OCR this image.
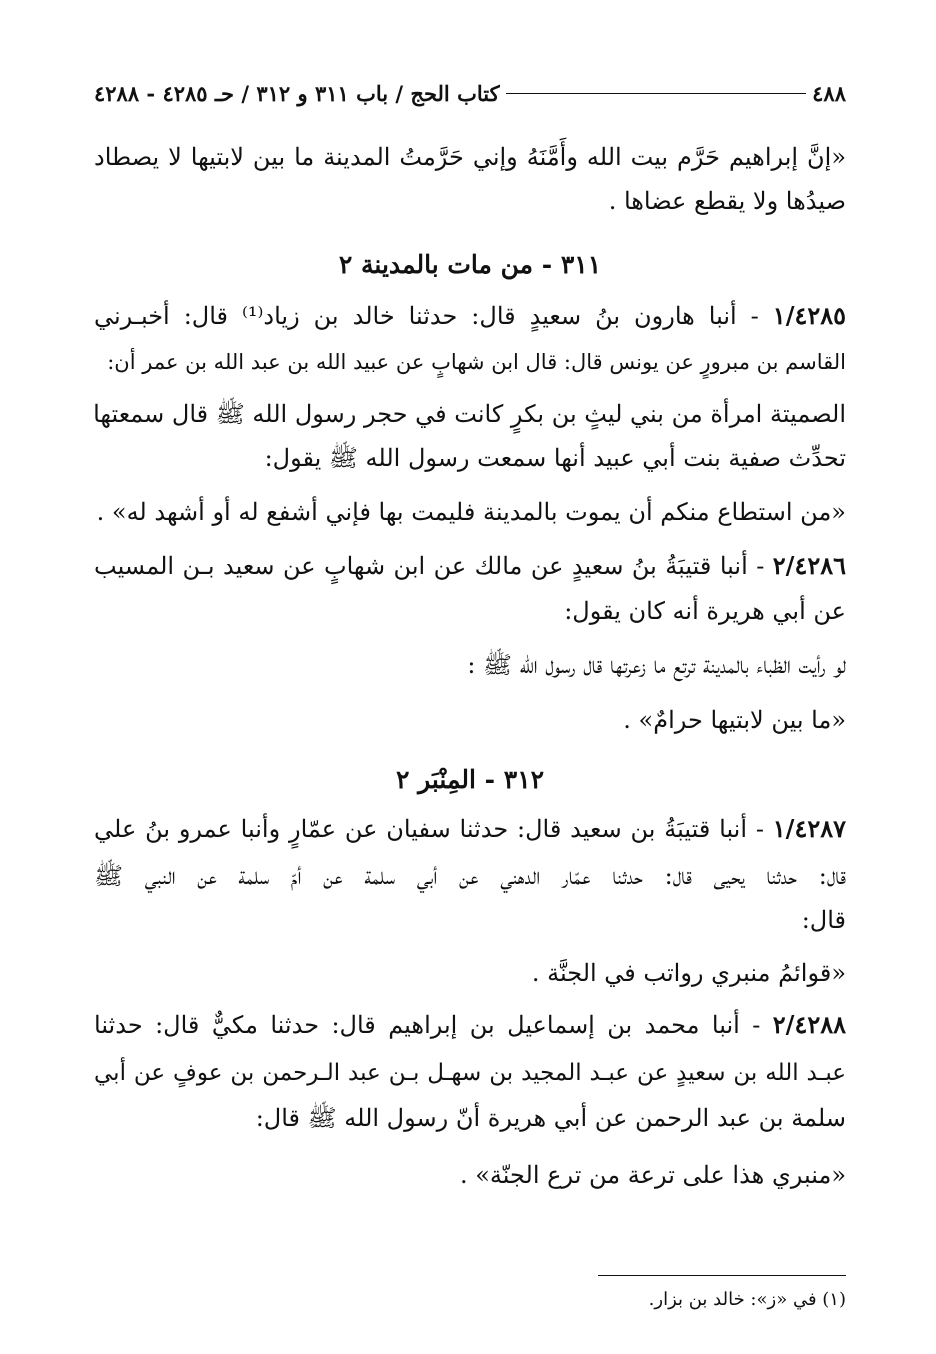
٤٨٨
كتاب الحج / باب ٣١١ و ٣١٢ / حـ ٤٢٨٥ - ٤٢٨٨
«إنَّ إبراهيم حَرَّم بيت الله وأَمَّنَهُ وإني حَرَّمتُ المدينة ما بين لابتيها لا يصطاد
صيدُها ولا يقطع عضاها .
٣١١ - من مات بالمدينة ٢
١/٤٢٨٥ - أنبا هارون بنُ سعيدٍ قال: حدثنا خالد بن زياد⁽¹⁾ قال: أخبـرني
القاسم بن مبرورٍ عن يونس قال: قال ابن شهابٍ عن عبيد الله بن عبد الله بن عمر أن:
الصميتة امرأة من بني ليثٍ بن بكرٍ كانت في حجر رسول الله ﷺ قال سمعتها
تحدِّث صفية بنت أبي عبيد أنها سمعت رسول الله ﷺ يقول:
«من استطاع منكم أن يموت بالمدينة فليمت بها فإني أشفع له أو أشهد له» .
٢/٤٢٨٦ - أنبا قتيبَةُ بنُ سعيدٍ عن مالك عن ابن شهابٍ عن سعيد بـن المسيب
عن أبي هريرة أنه كان يقول:
لو رأيت الظباء بالمدينة ترتع ما زعرتها قال رسول الله ﷺ :
«ما بين لابتيها حرامٌ» .
٣١٢ - المِنْبَر ٢
١/٤٢٨٧ - أنبا قتيبَةُ بن سعيد قال: حدثنا سفيان عن عمّارٍ وأنبا عمرو بنُ علي
قال: حدثنا يحيى قال: حدثنا عمّار الدهني عن أبي سلمة عن أمّ سلمة عن النبي ﷺ
قال:
«قوائمُ منبري رواتب في الجنَّة .
٢/٤٢٨٨ - أنبا محمد بن إسماعيل بن إبراهيم قال: حدثنا مكيٌّ قال: حدثنا
عبـد الله بن سعيدٍ عن عبـد المجيد بن سهـل بـن عبد الـرحمن بن عوفٍ عن أبي
سلمة بن عبد الرحمن عن أبي هريرة أنّ رسول الله ﷺ قال:
«منبري هذا على ترعة من ترع الجنّة» .
(١) في «ز»: خالد بن بزار.
